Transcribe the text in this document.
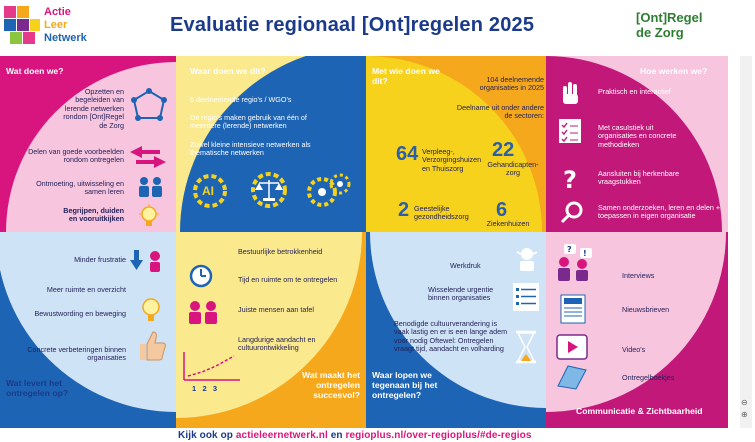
Actie
Leer
Netwerk
Evaluatie regionaal [Ont]regelen 2025	[Ont]Regel
de Zorg
Wat doen we?
Opzetten en begeleiden van lerende netwerken rondom [Ont]Regel de Zorg
Delen van goede voorbeelden rondom ontregelen
Ontmoeting, uitwisseling en samen leren
Begrijpen, duiden en vooruitkijken
Waar doen we dit?
6 deelnemende regio's / WGO's
De regio's maken gebruik van één of meerdere (lerende) netwerken
Zowel kleine intensieve netwerken als thematische netwerken
AI
Met wie doen we dit?	104 deelnemende organisaties in 2025
Deelname uit onder andere de sectoren:
64 Verpleeg-, Verzorgingshuizen en Thuiszorg
22
Gehandicapten-zorg
2 Geestelijke gezondheidszorg 6
Ziekenhuizen
Hoe werken we?
Praktisch en interactief
Met casuïstiek uit organisaties en concrete methodieken
?	Aansluiten bij herkenbare vraagstukken
Samen onderzoeken, leren en delen + toepassen in eigen organisatie
Minder frustratie
Meer ruimte en overzicht
Bewustwording en beweging
Concrete verbeteringen binnen organisaties
Wat levert het ontregelen op?
Bestuurlijke betrokkenheid
Tijd en ruimte om te ontregelen
Juiste mensen aan tafel
Langdurige aandacht en cultuurontwikkeling
1 2 3
Wat maakt het ontregelen succesvol?
Werkdruk
Wisselende urgentie binnen organisaties
Benodigde cultuurverandering is vaak lastig en er is een lange adem voor nodig Oftewel: Ontregelen vraagt tijd, aandacht en volharding
Waar lopen we tegenaan bij het ontregelen?
? !
Interviews
Nieuwsbrieven
Video's
Ontregelboekjes
Communicatie & Zichtbaarheid
Kijk ook op actieleernetwerk.nl en regioplus.nl/over-regioplus/#de-regios
⊖
⊕
